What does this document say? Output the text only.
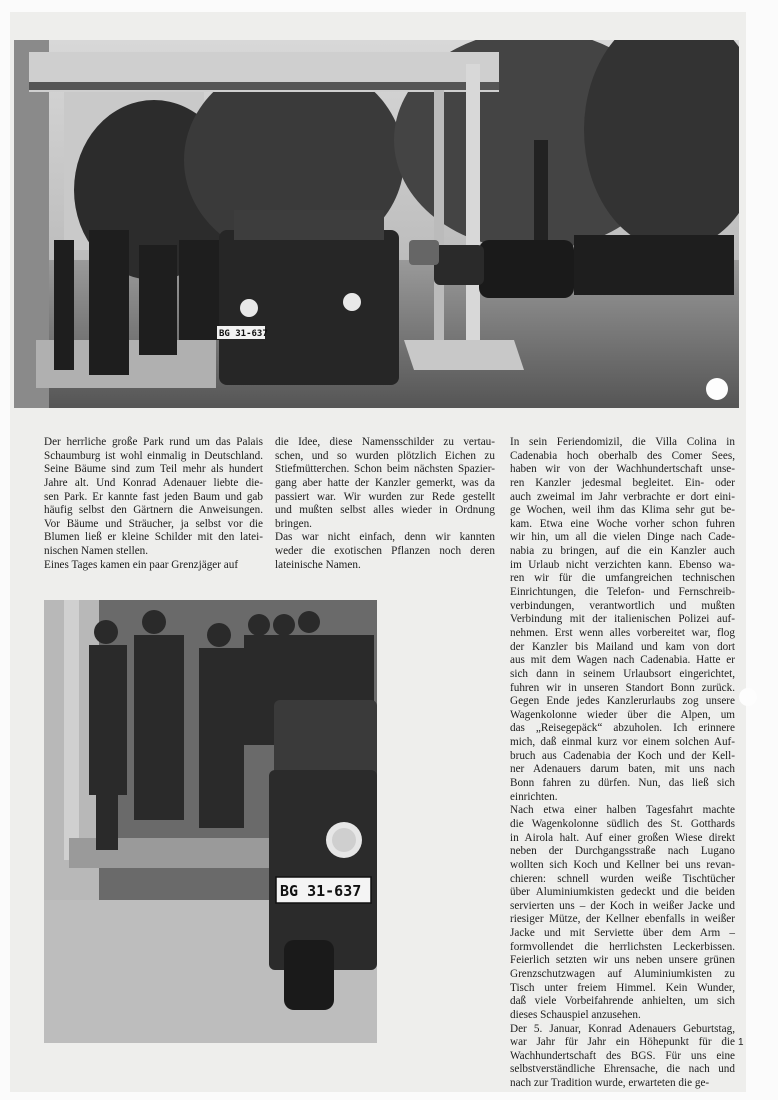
BG 31-637
Der herrliche große Park rund um das Palais
Schaumburg ist wohl einmalig in Deutschland.
Seine Bäume sind zum Teil mehr als hundert
Jahre alt. Und Konrad Adenauer liebte die-
sen Park. Er kannte fast jeden Baum und gab
häufig selbst den Gärtnern die Anweisungen.
Vor Bäume und Sträucher, ja selbst vor die
Blumen ließ er kleine Schilder mit den latei-
nischen Namen stellen.
Eines Tages kamen ein paar Grenzjäger auf
die Idee, diese Namensschilder zu vertau-
schen, und so wurden plötzlich Eichen zu
Stiefmütterchen. Schon beim nächsten Spazier-
gang aber hatte der Kanzler gemerkt, was da
passiert war. Wir wurden zur Rede gestellt
und mußten selbst alles wieder in Ordnung
bringen.
Das war nicht einfach, denn wir kannten
weder die exotischen Pflanzen noch deren
lateinische Namen.
In sein Feriendomizil, die Villa Colina in
Cadenabia hoch oberhalb des Comer Sees,
haben wir von der Wachhundertschaft unse-
ren Kanzler jedesmal begleitet. Ein- oder
auch zweimal im Jahr verbrachte er dort eini-
ge Wochen, weil ihm das Klima sehr gut be-
kam. Etwa eine Woche vorher schon fuhren
wir hin, um all die vielen Dinge nach Cade-
nabia zu bringen, auf die ein Kanzler auch
im Urlaub nicht verzichten kann. Ebenso wa-
ren wir für die umfangreichen technischen
Einrichtungen, die Telefon- und Fernschreib-
verbindungen, verantwortlich und mußten
Verbindung mit der italienischen Polizei auf-
nehmen. Erst wenn alles vorbereitet war, flog
der Kanzler bis Mailand und kam von dort
aus mit dem Wagen nach Cadenabia. Hatte er
sich dann in seinem Urlaubsort eingerichtet,
fuhren wir in unseren Standort Bonn zurück.
Gegen Ende jedes Kanzlerurlaubs zog unsere
Wagenkolonne wieder über die Alpen, um
das „Reisegepäck“ abzuholen. Ich erinnere
mich, daß einmal kurz vor einem solchen Auf-
bruch aus Cadenabia der Koch und der Kell-
ner Adenauers darum baten, mit uns nach
Bonn fahren zu dürfen. Nun, das ließ sich
einrichten.
Nach etwa einer halben Tagesfahrt machte
die Wagenkolonne südlich des St. Gotthards
in Airola halt. Auf einer großen Wiese direkt
neben der Durchgangsstraße nach Lugano
wollten sich Koch und Kellner bei uns revan-
chieren: schnell wurden weiße Tischtücher
über Aluminiumkisten gedeckt und die beiden
servierten uns – der Koch in weißer Jacke und
riesiger Mütze, der Kellner ebenfalls in weißer
Jacke und mit Serviette über dem Arm –
formvollendet die herrlichsten Leckerbissen.
Feierlich setzten wir uns neben unsere grünen
Grenzschutzwagen auf Aluminiumkisten zu
Tisch unter freiem Himmel. Kein Wunder,
daß viele Vorbeifahrende anhielten, um sich
dieses Schauspiel anzusehen.
Der 5. Januar, Konrad Adenauers Geburtstag,
war Jahr für Jahr ein Höhepunkt für die
Wachhundertschaft des BGS. Für uns eine
selbstverständliche Ehrensache, die nach und
nach zur Tradition wurde, erwarteten die ge-
BG 31-637
1
